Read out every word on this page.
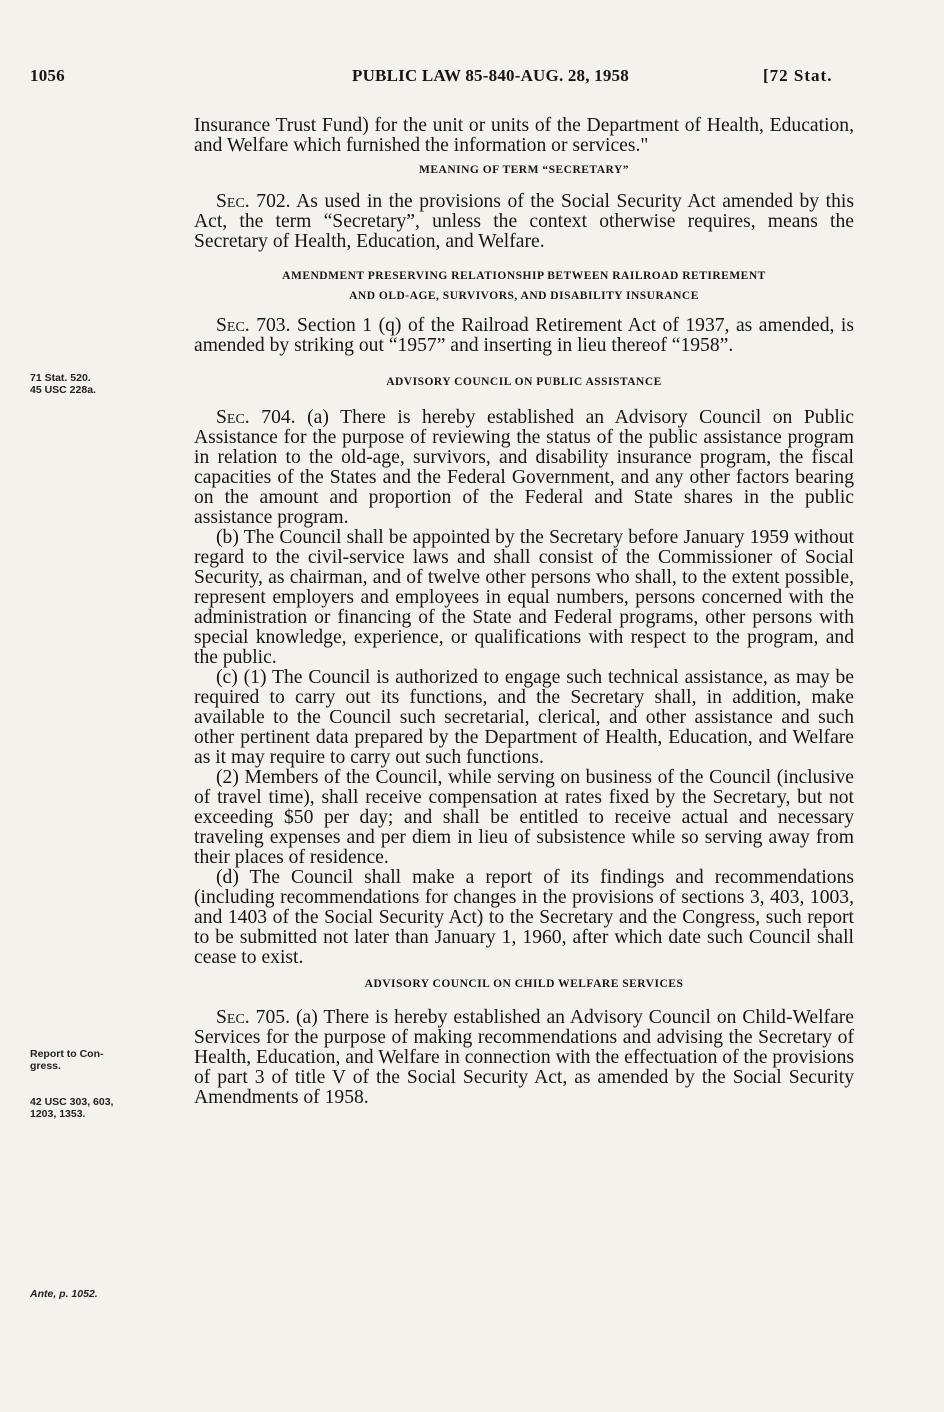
1056	PUBLIC LAW 85-840-AUG. 28, 1958	[72 Stat.
71 Stat. 520.
45 USC 228a.
Report to Con-
gress.
42 USC 303, 603,
1203, 1353.
Ante, p. 1052.

Insurance Trust Fund) for the unit or units of the Department of Health, Education, and Welfare which furnished the information or services."

MEANING OF TERM “SECRETARY”

Sec. 702. As used in the provisions of the Social Security Act amended by this Act, the term “Secretary”, unless the context otherwise requires, means the Secretary of Health, Education, and Welfare.

AMENDMENT PRESERVING RELATIONSHIP BETWEEN RAILROAD RETIREMENT

AND OLD-AGE, SURVIVORS, AND DISABILITY INSURANCE

Sec. 703. Section 1 (q) of the Railroad Retirement Act of 1937, as amended, is amended by striking out “1957” and inserting in lieu thereof “1958”.

ADVISORY COUNCIL ON PUBLIC ASSISTANCE

Sec. 704. (a) There is hereby established an Advisory Council on Public Assistance for the purpose of reviewing the status of the public assistance program in relation to the old-age, survivors, and disability insurance program, the fiscal capacities of the States and the Federal Government, and any other factors bearing on the amount and proportion of the Federal and State shares in the public assistance program.

(b) The Council shall be appointed by the Secretary before January 1959 without regard to the civil-service laws and shall consist of the Commissioner of Social Security, as chairman, and of twelve other persons who shall, to the extent possible, represent employers and employees in equal numbers, persons concerned with the administration or financing of the State and Federal programs, other persons with special knowledge, experience, or qualifications with respect to the program, and the public.

(c) (1) The Council is authorized to engage such technical assistance, as may be required to carry out its functions, and the Secretary shall, in addition, make available to the Council such secretarial, clerical, and other assistance and such other pertinent data prepared by the Department of Health, Education, and Welfare as it may require to carry out such functions.

(2) Members of the Council, while serving on business of the Council (inclusive of travel time), shall receive compensation at rates fixed by the Secretary, but not exceeding $50 per day; and shall be entitled to receive actual and necessary traveling expenses and per diem in lieu of subsistence while so serving away from their places of residence.

(d) The Council shall make a report of its findings and recommendations (including recommendations for changes in the provisions of sections 3, 403, 1003, and 1403 of the Social Security Act) to the Secretary and the Congress, such report to be submitted not later than January 1, 1960, after which date such Council shall cease to exist.

ADVISORY COUNCIL ON CHILD WELFARE SERVICES

Sec. 705. (a) There is hereby established an Advisory Council on Child-Welfare Services for the purpose of making recommendations and advising the Secretary of Health, Education, and Welfare in connection with the effectuation of the provisions of part 3 of title V of the Social Security Act, as amended by the Social Security Amendments of 1958.
